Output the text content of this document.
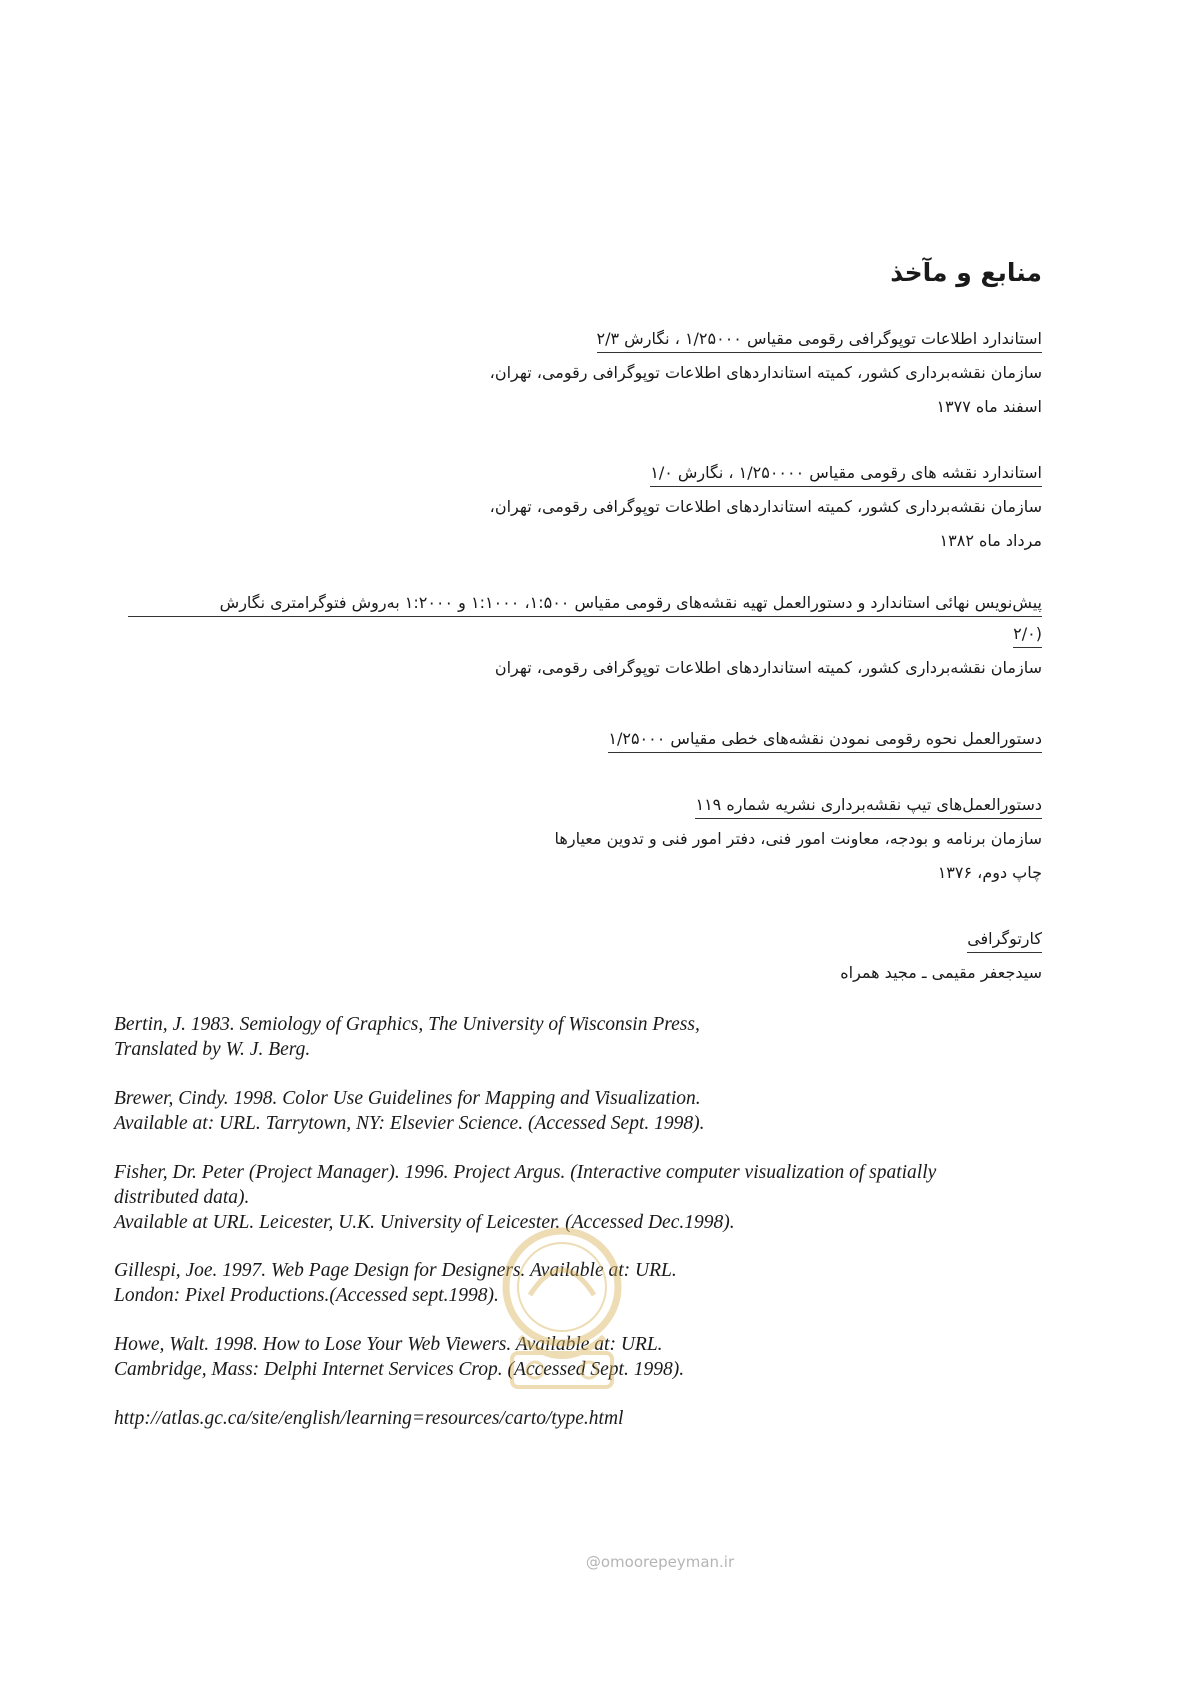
منابع و مآخذ
استاندارد اطلاعات توپوگرافی رقومی مقیاس ۱/۲۵۰۰۰ ، نگارش ۲/۳
سازمان نقشه‌برداری کشور، کمیته استانداردهای اطلاعات توپوگرافی رقومی، تهران،
اسفند ماه ۱۳۷۷
استاندارد نقشه های رقومی مقیاس ۱/۲۵۰۰۰۰ ، نگارش ۱/۰
سازمان نقشه‌برداری کشور، کمیته استانداردهای اطلاعات توپوگرافی رقومی، تهران،
مرداد ماه ۱۳۸۲
پیش‌نویس نهائی استاندارد و دستورالعمل تهیه نقشه‌های رقومی مقیاس ۱:۵۰۰، ۱:۱۰۰۰ و ۱:۲۰۰۰ به‌روش فتوگرامتری نگارش
(۲/۰
سازمان نقشه‌برداری کشور، کمیته استانداردهای اطلاعات توپوگرافی رقومی، تهران
دستورالعمل نحوه رقومی نمودن نقشه‌های خطی مقیاس ۱/۲۵۰۰۰
دستورالعمل‌های تیپ نقشه‌برداری نشریه شماره ۱۱۹
سازمان برنامه و بودجه، معاونت امور فنی، دفتر امور فنی و تدوین معیارها
چاپ دوم، ۱۳۷۶
کارتوگرافی
سیدجعفر مقیمی ـ مجید همراه
Bertin, J. 1983. Semiology of Graphics, The University of Wisconsin Press,
Translated by W. J. Berg.
Brewer, Cindy. 1998. Color Use Guidelines for Mapping and Visualization.
Available at: URL. Tarrytown, NY: Elsevier Science. (Accessed Sept. 1998).
Fisher, Dr. Peter (Project Manager). 1996. Project Argus. (Interactive computer visualization of spatially
distributed data).
Available at URL. Leicester, U.K. University of Leicester. (Accessed Dec.1998).
Gillespi, Joe. 1997. Web Page Design for Designers. Available at: URL.
London: Pixel Productions.(Accessed sept.1998).
Howe, Walt. 1998. How to Lose Your Web Viewers. Available at: URL.
Cambridge, Mass: Delphi Internet Services Crop. (Accessed Sept. 1998).
http://atlas.gc.ca/site/english/learning=resources/carto/type.html
@omoorepeyman.ir
